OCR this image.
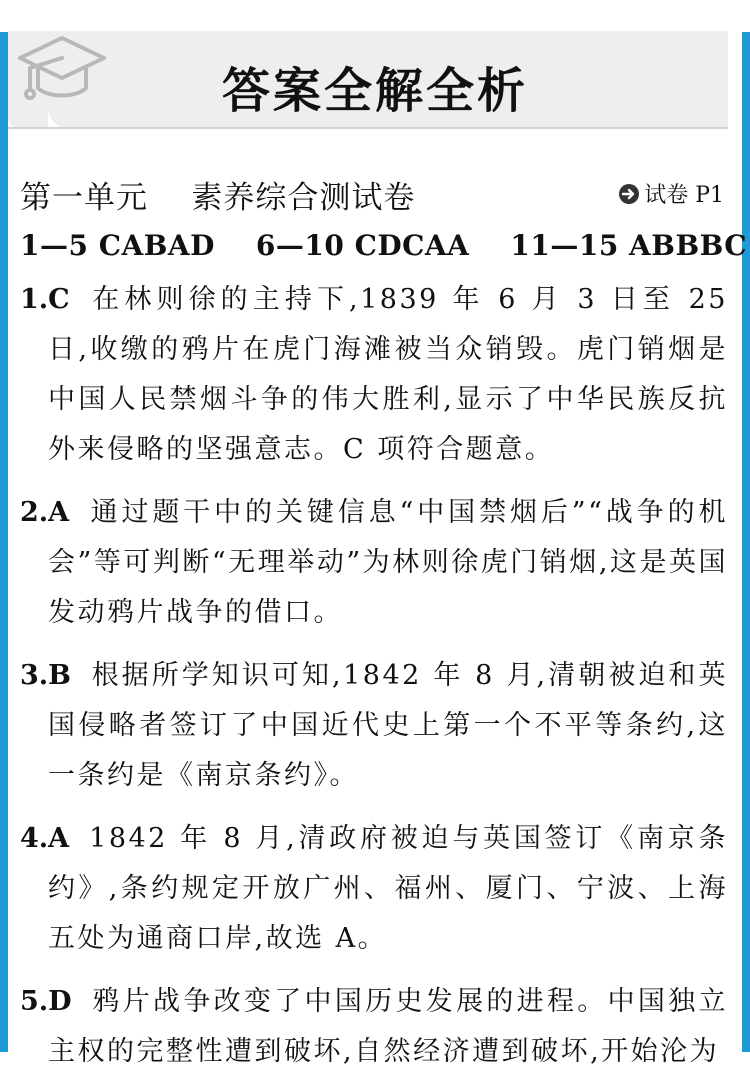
答案全解全析
第一单元    素养综合测试卷	试卷 P1
1—5 CABAD    6—10 CDCAA    11—15 ABBBC

1.C 在林则徐的主持下,1839 年 6 月 3 日至 25 日,收缴的鸦片在虎门海滩被当众销毁。虎门销烟是中国人民禁烟斗争的伟大胜利,显示了中华民族反抗外来侵略的坚强意志。C 项符合题意。

2.A 通过题干中的关键信息“中国禁烟后”“战争的机会”等可判断“无理举动”为林则徐虎门销烟,这是英国发动鸦片战争的借口。

3.B 根据所学知识可知,1842 年 8 月,清朝被迫和英国侵略者签订了中国近代史上第一个不平等条约,这一条约是《南京条约》。

4.A 1842 年 8 月,清政府被迫与英国签订《南京条约》,条约规定开放广州、福州、厦门、宁波、上海五处为通商口岸,故选 A。

5.D 鸦片战争改变了中国历史发展的进程。中国独立主权的完整性遭到破坏,自然经济遭到破坏,开始沦为
